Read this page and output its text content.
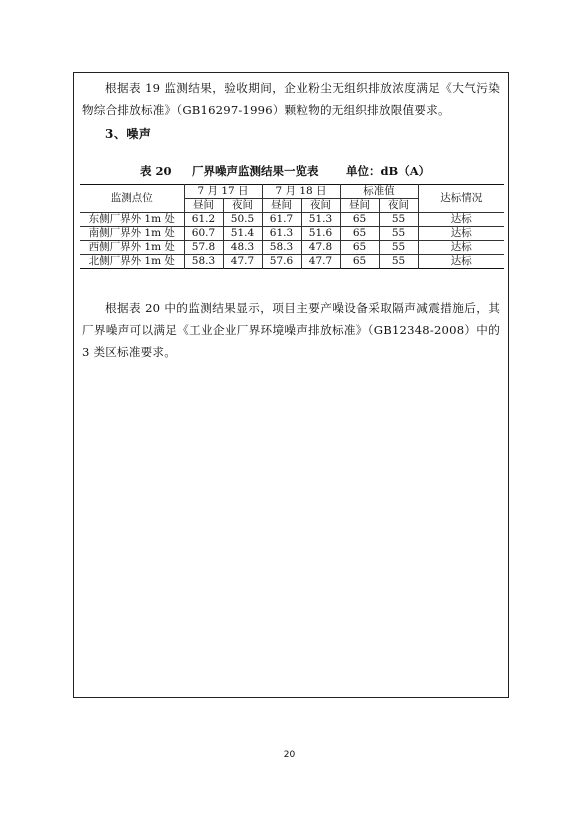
根据表 19 监测结果，验收期间，企业粉尘无组织排放浓度满足《大气污染物综合排放标准》（GB16297-1996）颗粒物的无组织排放限值要求。

3、噪声
表 20 厂界噪声监测结果一览表 单位：dB（A）
监测点位	7 月 17 日		7 月 18 日		标准值		达标情况
	昼间	夜间	昼间	夜间	昼间	夜间	
东侧厂界外 1m 处	61.2	50.5	61.7	51.3	65	55	达标
南侧厂界外 1m 处	60.7	51.4	61.3	51.6	65	55	达标
西侧厂界外 1m 处	57.8	48.3	58.3	47.8	65	55	达标
北侧厂界外 1m 处	58.3	47.7	57.6	47.7	65	55	达标

根据表 20 中的监测结果显示，项目主要产噪设备采取隔声减震措施后，其厂界噪声可以满足《工业企业厂界环境噪声排放标准》（GB12348-2008）中的 3 类区标准要求。

20
